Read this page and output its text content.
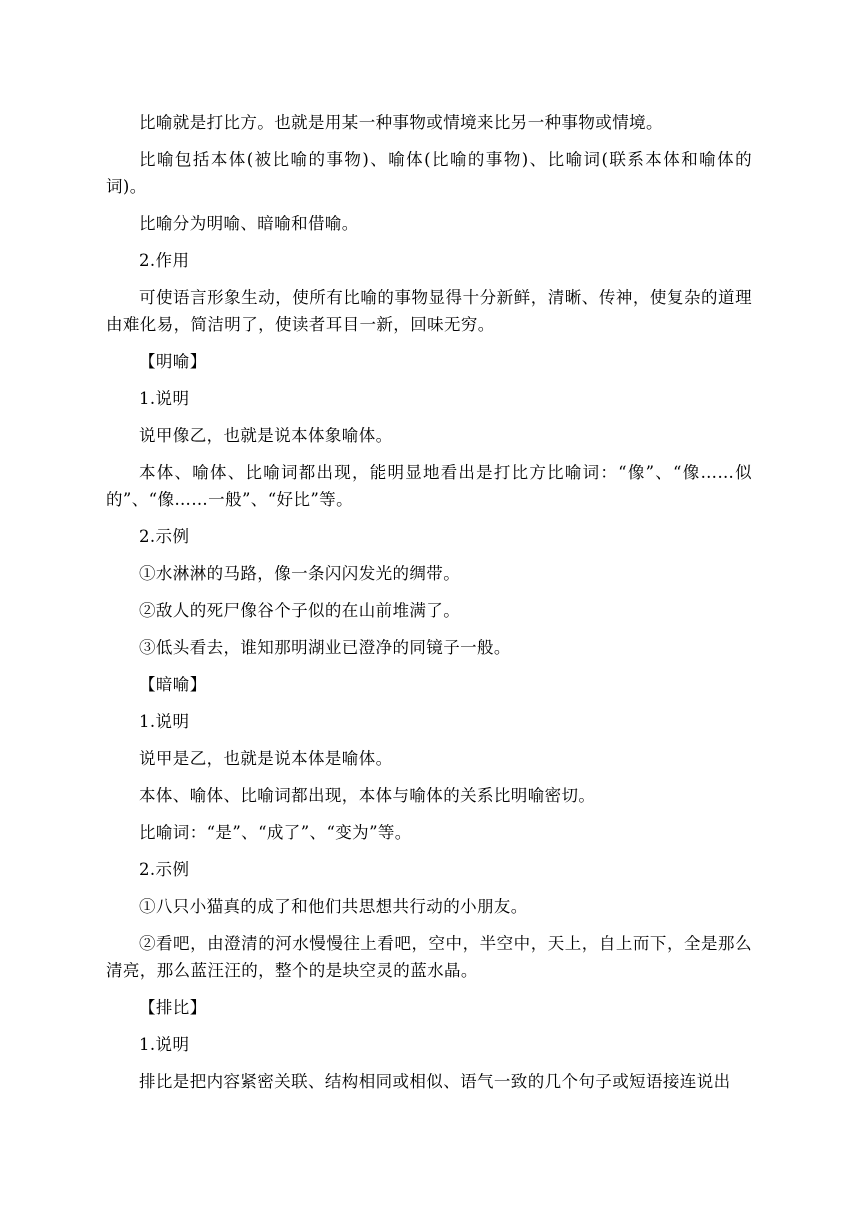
比喻就是打比方。也就是用某一种事物或情境来比另一种事物或情境。

比喻包括本体(被比喻的事物)、喻体(比喻的事物)、比喻词(联系本体和喻体的词)。

比喻分为明喻、暗喻和借喻。

2.作用

可使语言形象生动，使所有比喻的事物显得十分新鲜，清晰、传神，使复杂的道理由难化易，简洁明了，使读者耳目一新，回味无穷。

【明喻】

1.说明

说甲像乙，也就是说本体象喻体。

本体、喻体、比喻词都出现，能明显地看出是打比方比喻词：“像”、“像……似的”、“像……一般”、“好比”等。

2.示例

①水淋淋的马路，像一条闪闪发光的绸带。

②敌人的死尸像谷个子似的在山前堆满了。

③低头看去，谁知那明湖业已澄净的同镜子一般。

【暗喻】

1.说明

说甲是乙，也就是说本体是喻体。

本体、喻体、比喻词都出现，本体与喻体的关系比明喻密切。

比喻词：“是”、“成了”、“变为”等。

2.示例

①八只小猫真的成了和他们共思想共行动的小朋友。

②看吧，由澄清的河水慢慢往上看吧，空中，半空中，天上，自上而下，全是那么清亮，那么蓝汪汪的，整个的是块空灵的蓝水晶。

【排比】

1.说明

排比是把内容紧密关联、结构相同或相似、语气一致的几个句子或短语接连说出
